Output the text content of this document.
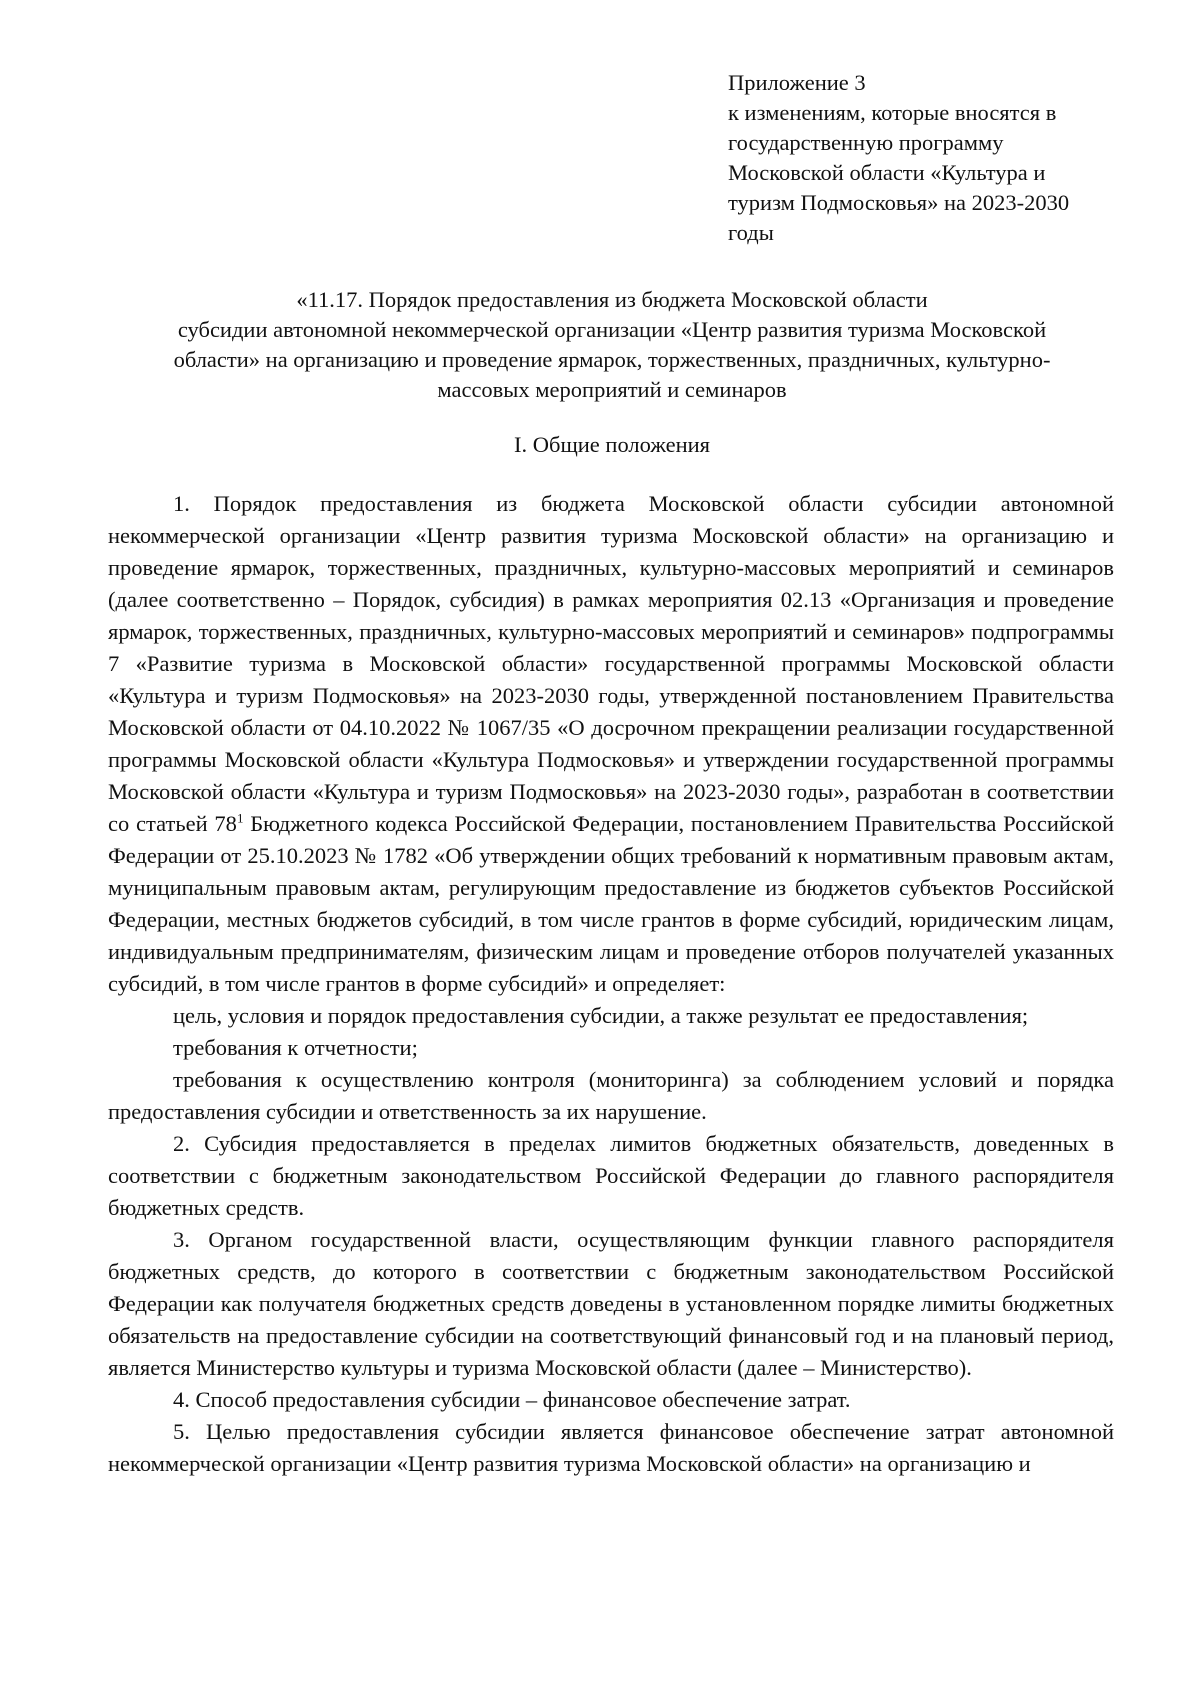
Приложение 3
к изменениям, которые вносятся в
государственную программу
Московской области «Культура и
туризм Подмосковья» на 2023-2030
годы
«11.17. Порядок предоставления из бюджета Московской области
субсидии автономной некоммерческой организации «Центр развития туризма Московской
области» на организацию и проведение ярмарок, торжественных, праздничных, культурно-
массовых мероприятий и семинаров
I. Общие положения

1. Порядок предоставления из бюджета Московской области субсидии автономной некоммерческой организации «Центр развития туризма Московской области» на организацию и проведение ярмарок, торжественных, праздничных, культурно-массовых мероприятий и семинаров (далее соответственно – Порядок, субсидия) в рамках мероприятия 02.13 «Организация и проведение ярмарок, торжественных, праздничных, культурно-массовых мероприятий и семинаров» подпрограммы 7 «Развитие туризма в Московской области» государственной программы Московской области «Культура и туризм Подмосковья» на 2023-2030 годы, утвержденной постановлением Правительства Московской области от 04.10.2022 № 1067/35 «О досрочном прекращении реализации государственной программы Московской области «Культура Подмосковья» и утверждении государственной программы Московской области «Культура и туризм Подмосковья» на 2023-2030 годы», разработан в соответствии со статьей $78^1$ Бюджетного кодекса Российской Федерации, постановлением Правительства Российской Федерации от 25.10.2023 № 1782 «Об утверждении общих требований к нормативным правовым актам, муниципальным правовым актам, регулирующим предоставление из бюджетов субъектов Российской Федерации, местных бюджетов субсидий, в том числе грантов в форме субсидий, юридическим лицам, индивидуальным предпринимателям, физическим лицам и проведение отборов получателей указанных субсидий, в том числе грантов в форме субсидий» и определяет:

цель, условия и порядок предоставления субсидии, а также результат ее предоставления;

требования к отчетности;

требования к осуществлению контроля (мониторинга) за соблюдением условий и порядка предоставления субсидии и ответственность за их нарушение.

2. Субсидия предоставляется в пределах лимитов бюджетных обязательств, доведенных в соответствии с бюджетным законодательством Российской Федерации до главного распорядителя бюджетных средств.

3. Органом государственной власти, осуществляющим функции главного распорядителя бюджетных средств, до которого в соответствии с бюджетным законодательством Российской Федерации как получателя бюджетных средств доведены в установленном порядке лимиты бюджетных обязательств на предоставление субсидии на соответствующий финансовый год и на плановый период, является Министерство культуры и туризма Московской области (далее – Министерство).

4. Способ предоставления субсидии – финансовое обеспечение затрат.

5. Целью предоставления субсидии является финансовое обеспечение затрат автономной некоммерческой организации «Центр развития туризма Московской области» на организацию и
